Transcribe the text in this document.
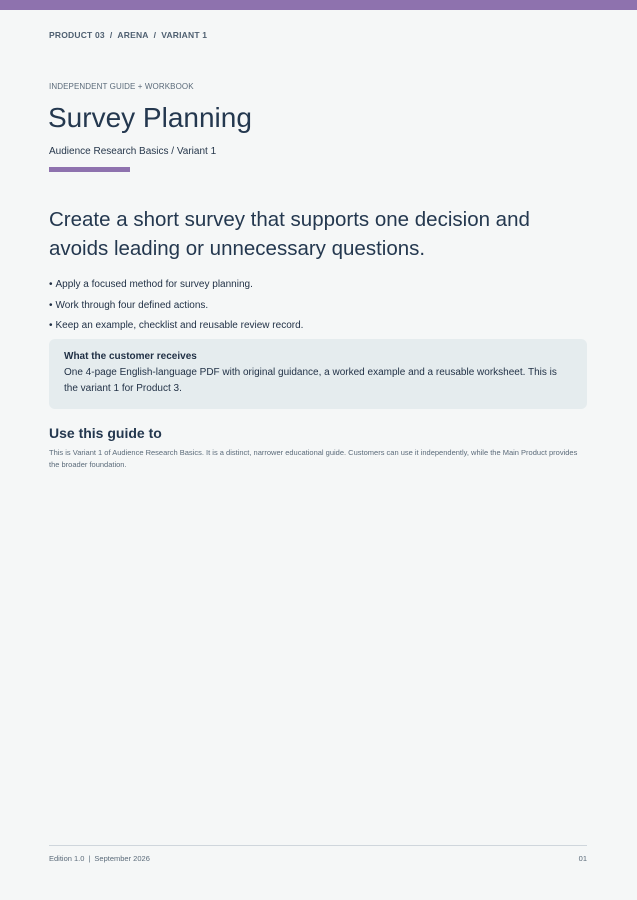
PRODUCT 03 / ARENA / VARIANT 1
INDEPENDENT GUIDE + WORKBOOK
Survey Planning
Audience Research Basics / Variant 1

Create a short survey that supports one decision and avoids leading or unnecessary questions.

• Apply a focused method for survey planning.
• Work through four defined actions.
• Keep an example, checklist and reusable review record.
What the customer receives
One 4-page English-language PDF with original guidance, a worked example and a reusable worksheet. This is the variant 1 for Product 3.
Use this guide to
This is Variant 1 of Audience Research Basics. It is a distinct, narrower educational guide. Customers can use it independently, while the Main Product provides the broader foundation.
Edition 1.0 | September 2026	01
